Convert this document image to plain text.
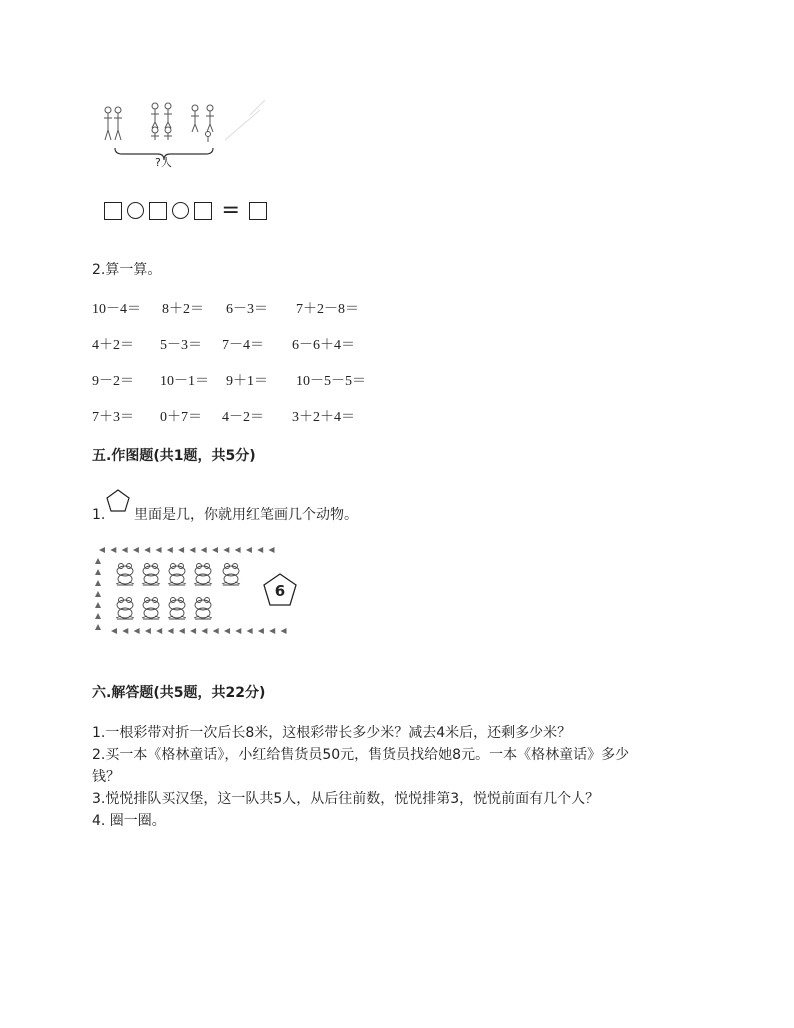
?人
=
2.算一算。
10－4＝ 8＋2＝ 6－3＝ 7＋2－8＝
4＋2＝ 5－3＝ 7－4＝ 6－6＋4＝
9－2＝ 10－1＝ 9＋1＝ 10－5－5＝
7＋3＝ 0＋7＝ 4－2＝ 3＋2＋4＝
五.作图题(共1题，共5分)
1. 里面是几，你就用红笔画几个动物。
6
六.解答题(共5题，共22分)
1.一根彩带对折一次后长8米，这根彩带长多少米？减去4米后，还剩多少米？
2.买一本《格林童话》，小红给售货员50元，售货员找给她8元。一本《格林童话》多少
钱？
3.悦悦排队买汉堡，这一队共5人，从后往前数，悦悦排第3，悦悦前面有几个人？
4. 圈一圈。
